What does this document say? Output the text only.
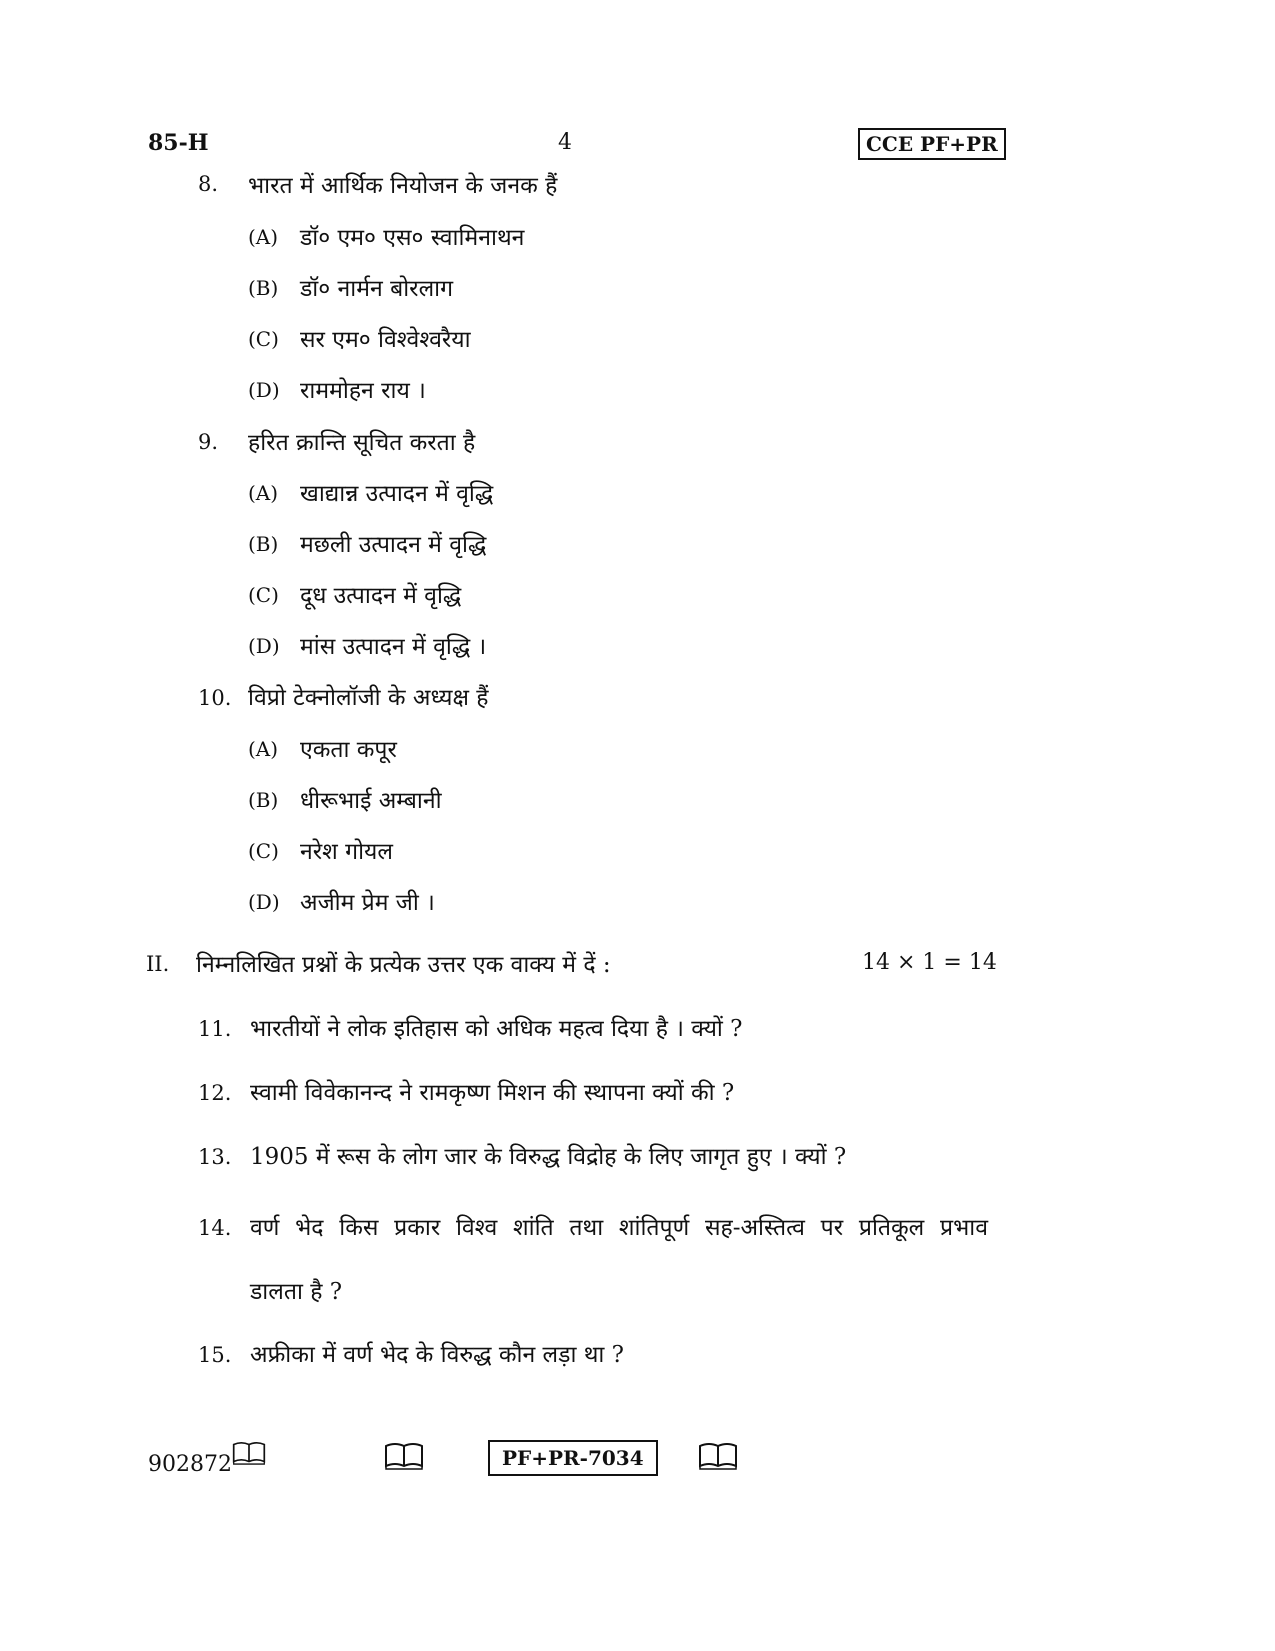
85-H	4	CCE PF+PR
8. भारत में आर्थिक नियोजन के जनक हैं
(A) डॉ० एम० एस० स्वामिनाथन
(B) डॉ० नार्मन बोरलाग
(C) सर एम० विश्वेश्वरैया
(D) राममोहन राय ।
9. हरित क्रान्ति सूचित करता है
(A) खाद्यान्न उत्पादन में वृद्धि
(B) मछली उत्पादन में वृद्धि
(C) दूध उत्पादन में वृद्धि
(D) मांस उत्पादन में वृद्धि ।
10. विप्रो टेक्नोलॉजी के अध्यक्ष हैं
(A) एकता कपूर
(B) धीरूभाई अम्बानी
(C) नरेश गोयल
(D) अजीम प्रेम जी ।
II. निम्नलिखित प्रश्नों के प्रत्येक उत्तर एक वाक्य में दें :	14 × 1 = 14
11. भारतीयों ने लोक इतिहास को अधिक महत्व दिया है । क्यों ?
12. स्वामी विवेकानन्द ने रामकृष्ण मिशन की स्थापना क्यों की ?
13. 1905 में रूस के लोग जार के विरुद्ध विद्रोह के लिए जागृत हुए । क्यों ?
14. वर्ण भेद किस प्रकार विश्व शांति तथा शांतिपूर्ण सह-अस्तित्व पर प्रतिकूल प्रभाव
डालता है ?
15. अफ्रीका में वर्ण भेद के विरुद्ध कौन लड़ा था ?
902872	PF+PR-7034
